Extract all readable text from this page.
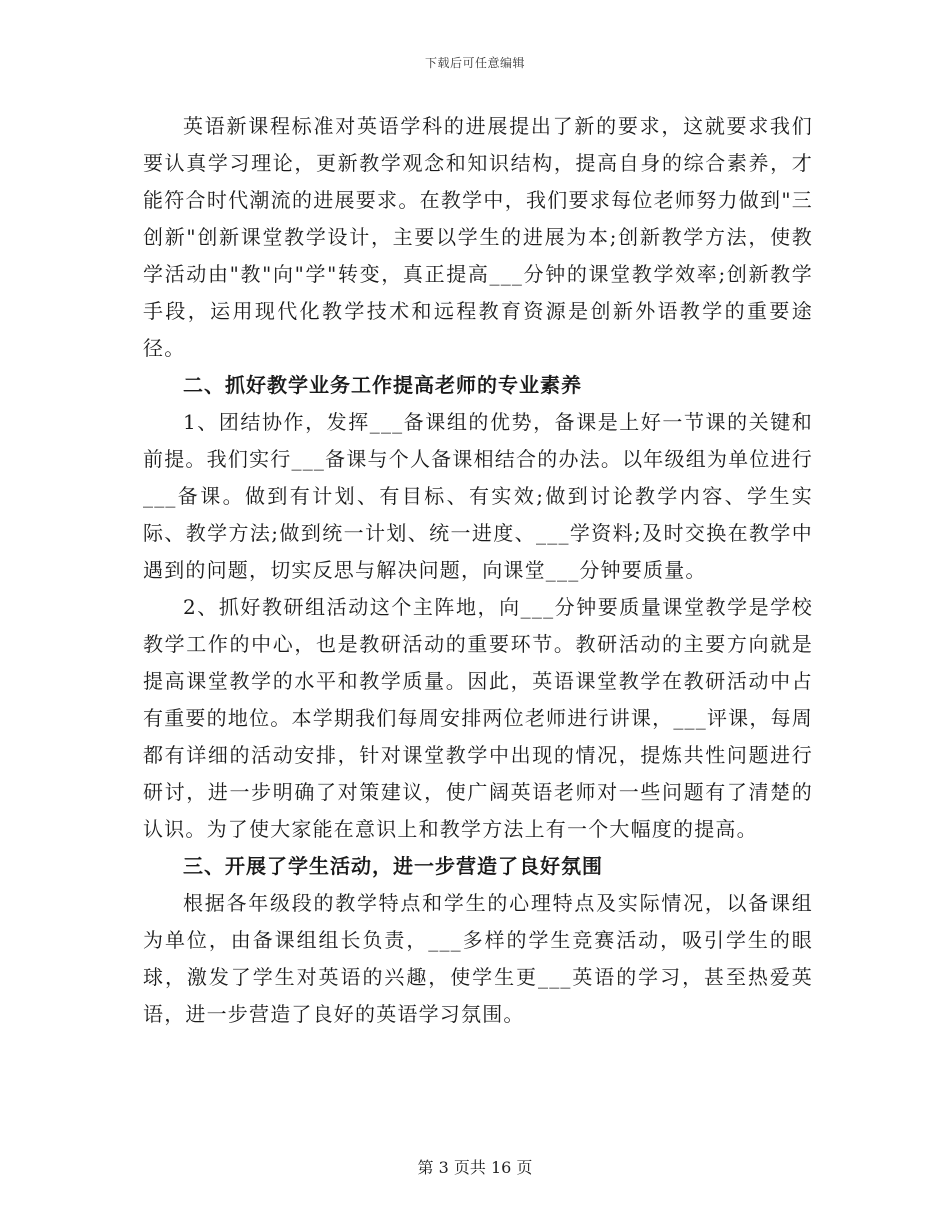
下载后可任意编辑

英语新课程标准对英语学科的进展提出了新的要求，这就要求我们要认真学习理论，更新教学观念和知识结构，提高自身的综合素养，才能符合时代潮流的进展要求。在教学中，我们要求每位老师努力做到"三创新"创新课堂教学设计，主要以学生的进展为本;创新教学方法，使教学活动由"教"向"学"转变，真正提高___分钟的课堂教学效率;创新教学手段，运用现代化教学技术和远程教育资源是创新外语教学的重要途径。

二、抓好教学业务工作提高老师的专业素养

1、团结协作，发挥___备课组的优势，备课是上好一节课的关键和前提。我们实行___备课与个人备课相结合的办法。以年级组为单位进行___备课。做到有计划、有目标、有实效;做到讨论教学内容、学生实际、教学方法;做到统一计划、统一进度、___学资料;及时交换在教学中遇到的问题，切实反思与解决问题，向课堂___分钟要质量。

2、抓好教研组活动这个主阵地，向___分钟要质量课堂教学是学校教学工作的中心，也是教研活动的重要环节。教研活动的主要方向就是提高课堂教学的水平和教学质量。因此，英语课堂教学在教研活动中占有重要的地位。本学期我们每周安排两位老师进行讲课，___评课，每周都有详细的活动安排，针对课堂教学中出现的情况，提炼共性问题进行研讨，进一步明确了对策建议，使广阔英语老师对一些问题有了清楚的认识。为了使大家能在意识上和教学方法上有一个大幅度的提高。

三、开展了学生活动，进一步营造了良好氛围

根据各年级段的教学特点和学生的心理特点及实际情况，以备课组为单位，由备课组组长负责，___多样的学生竞赛活动，吸引学生的眼球，激发了学生对英语的兴趣，使学生更___英语的学习，甚至热爱英语，进一步营造了良好的英语学习氛围。

第 3 页共 16 页
